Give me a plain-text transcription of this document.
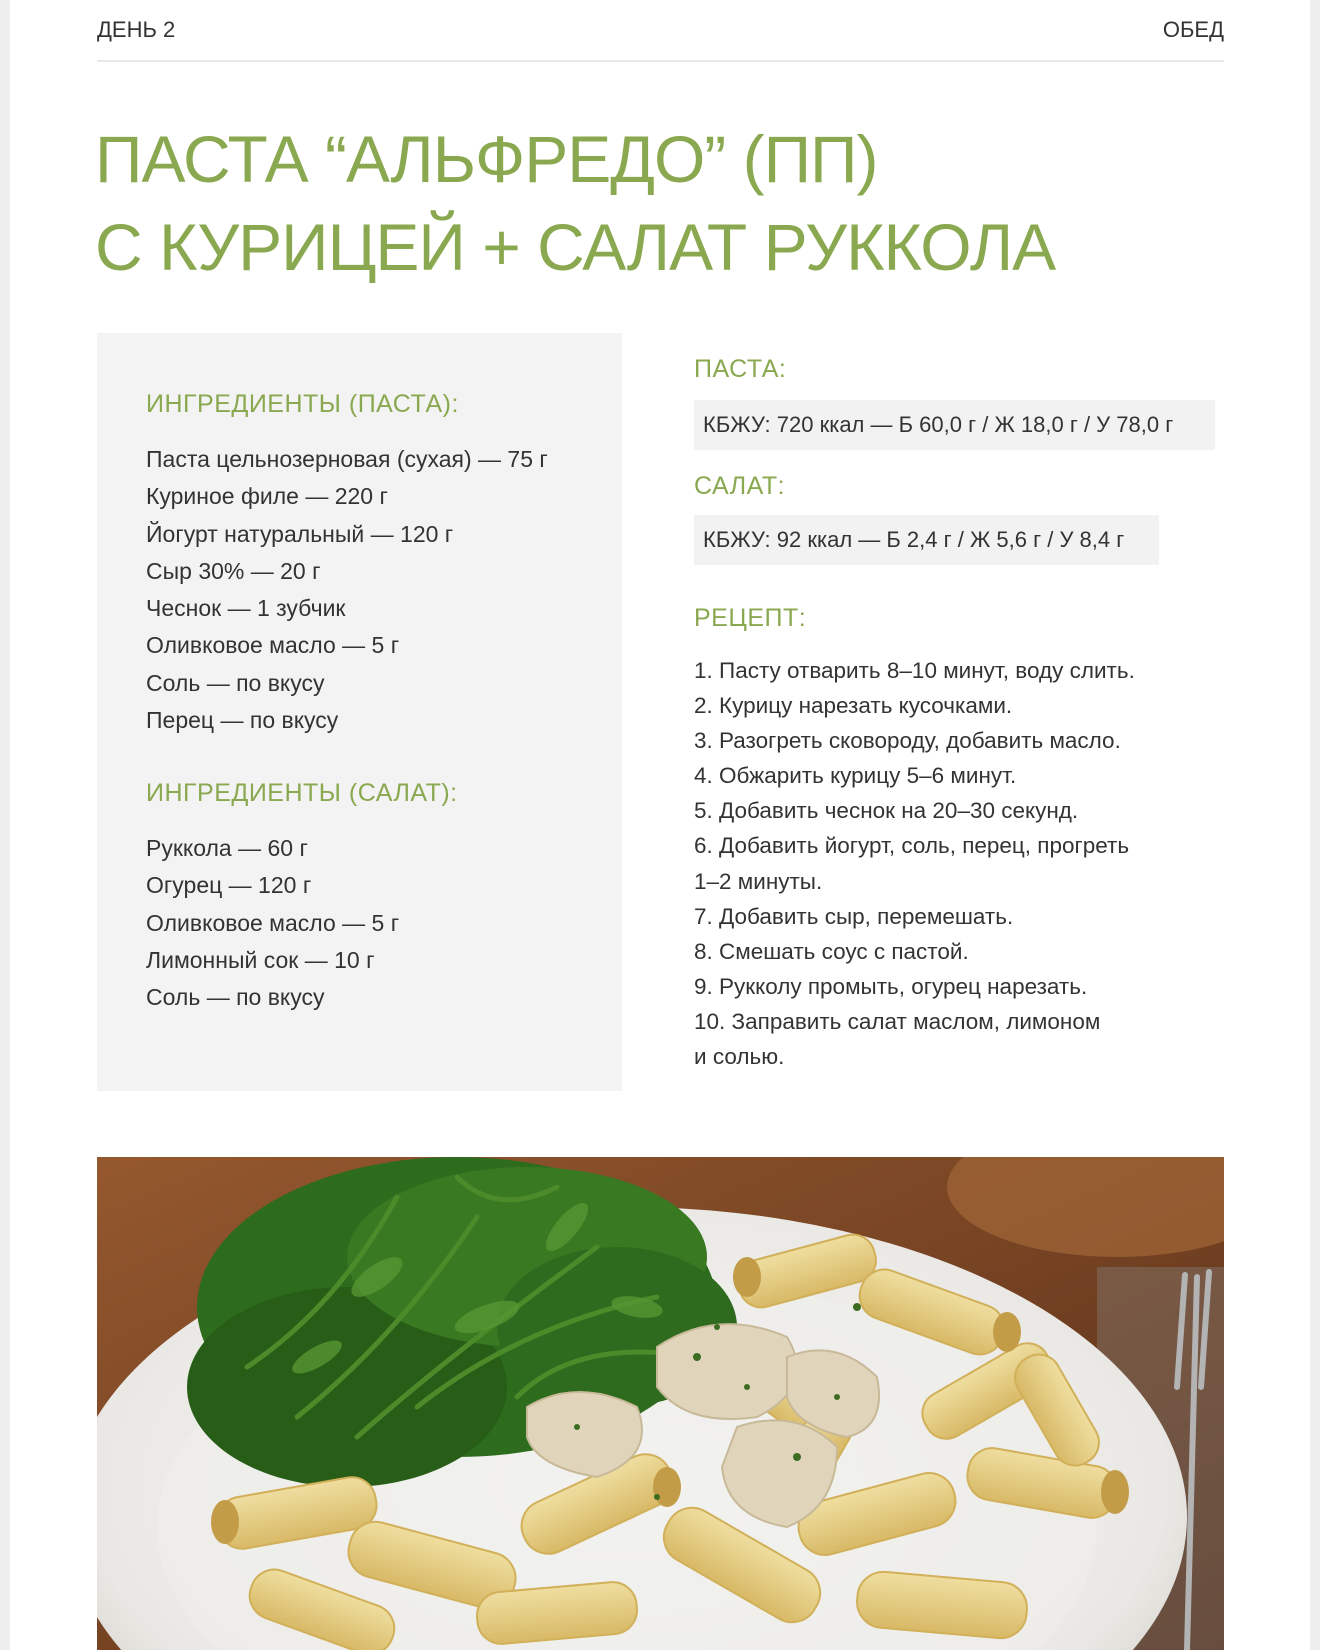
ДЕНЬ 2	ОБЕД
ПАСТА “АЛЬФРЕДО” (ПП)
С КУРИЦЕЙ + САЛАТ РУККОЛА
ИНГРЕДИЕНТЫ (ПАСТА):
Паста цельнозерновая (сухая) — 75 г
Куриное филе — 220 г
Йогурт натуральный — 120 г
Сыр 30% — 20 г
Чеснок — 1 зубчик
Оливковое масло — 5 г
Соль — по вкусу
Перец — по вкусу
ИНГРЕДИЕНТЫ (САЛАТ):
Руккола — 60 г
Огурец — 120 г
Оливковое масло — 5 г
Лимонный сок — 10 г
Соль — по вкусу
ПАСТА:
КБЖУ: 720 ккал — Б 60,0 г / Ж 18,0 г / У 78,0 г
САЛАТ:
КБЖУ: 92 ккал — Б 2,4 г / Ж 5,6 г / У 8,4 г
РЕЦЕПТ:
1. Пасту отварить 8–10 минут, воду слить.
2. Курицу нарезать кусочками.
3. Разогреть сковороду, добавить масло.
4. Обжарить курицу 5–6 минут.
5. Добавить чеснок на 20–30 секунд.
6. Добавить йогурт, соль, перец, прогреть
1–2 минуты.
7. Добавить сыр, перемешать.
8. Смешать соус с пастой.
9. Рукколу промыть, огурец нарезать.
10. Заправить салат маслом, лимоном
и солью.
